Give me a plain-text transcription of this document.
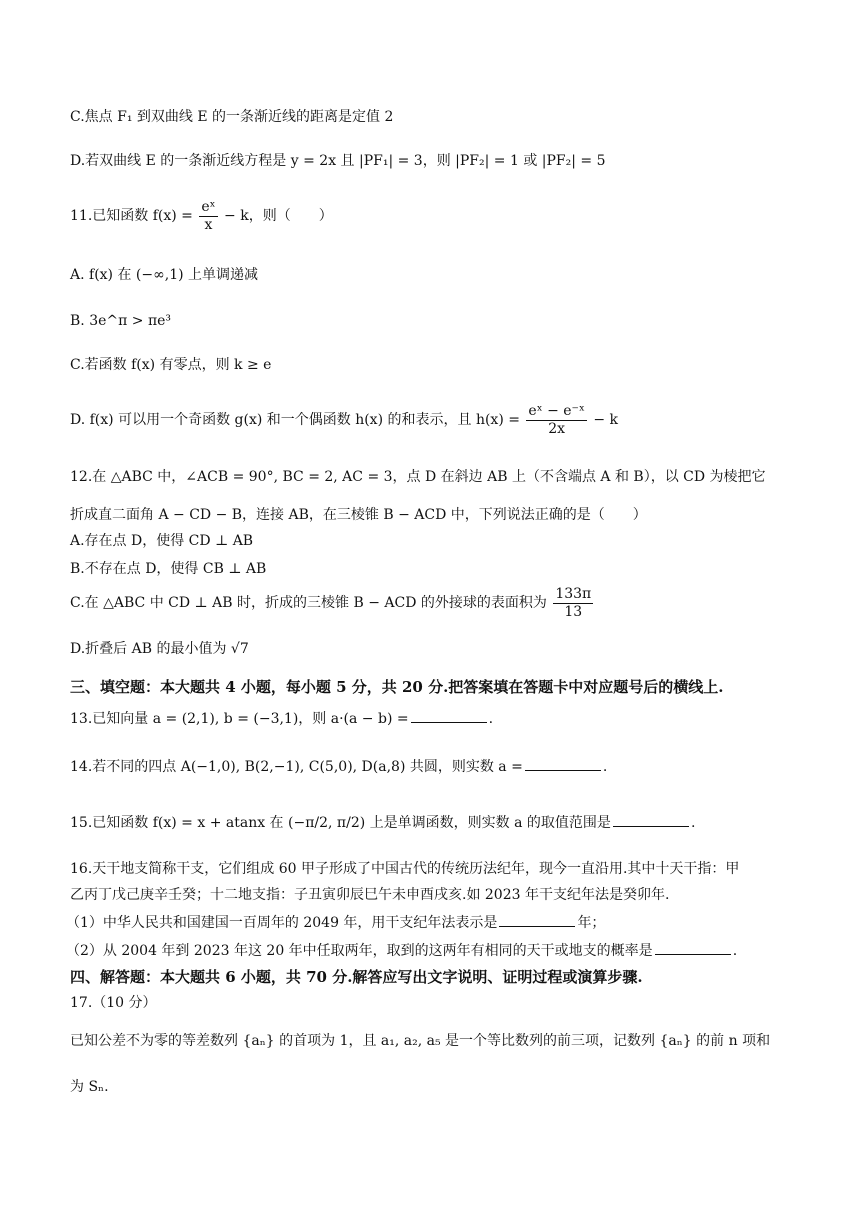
C.焦点 F₁ 到双曲线 E 的一条渐近线的距离是定值 2
D.若双曲线 E 的一条渐近线方程是 y = 2x 且 |PF₁| = 3，则 |PF₂| = 1 或 |PF₂| = 5
11.已知函数 $f(x) = \frac{\text{eˣ}}{x} - k$，则（　　）
A. f(x) 在 (−∞,1) 上单调递减
B. 3e^π > πe³
C.若函数 f(x) 有零点，则 k ≥ e
D. f(x) 可以用一个奇函数 g(x) 和一个偶函数 h(x) 的和表示，且 $h(x) = \frac{\text{eˣ − e⁻ˣ}}{2x} - k$
12.在 △ABC 中，∠ACB = 90°, BC = 2, AC = 3，点 D 在斜边 AB 上（不含端点 A 和 B），以 CD 为棱把它
折成直二面角 A − CD − B，连接 AB，在三棱锥 B − ACD 中，下列说法正确的是（　　）
A.存在点 D，使得 CD ⊥ AB
B.不存在点 D，使得 CB ⊥ AB
C.在 △ABC 中 CD ⊥ AB 时，折成的三棱锥 B − ACD 的外接球的表面积为 $\frac{133\pi}{13}$
D.折叠后 AB 的最小值为 √7
三、填空题：本大题共 4 小题，每小题 5 分，共 20 分.把答案填在答题卡中对应题号后的横线上.
13.已知向量 a = (2,1), b = (−3,1)，则 a·(a − b) =	.
14.若不同的四点 A(−1,0), B(2,−1), C(5,0), D(a,8) 共圆，则实数 a =	.
15.已知函数 f(x) = x + atanx 在 (−π/2, π/2) 上是单调函数，则实数 a 的取值范围是	.
16.天干地支简称干支，它们组成 60 甲子形成了中国古代的传统历法纪年，现今一直沿用.其中十天干指：甲
乙丙丁戊己庚辛壬癸；十二地支指：子丑寅卯辰巳午未申酉戌亥.如 2023 年干支纪年法是癸卯年.
（1）中华人民共和国建国一百周年的 2049 年，用干支纪年法表示是	年；
（2）从 2004 年到 2023 年这 20 年中任取两年，取到的这两年有相同的天干或地支的概率是	.
四、解答题：本大题共 6 小题，共 70 分.解答应写出文字说明、证明过程或演算步骤.
17.（10 分）
已知公差不为零的等差数列 {aₙ} 的首项为 1，且 a₁, a₂, a₅ 是一个等比数列的前三项，记数列 {aₙ} 的前 n 项和
为 Sₙ.
